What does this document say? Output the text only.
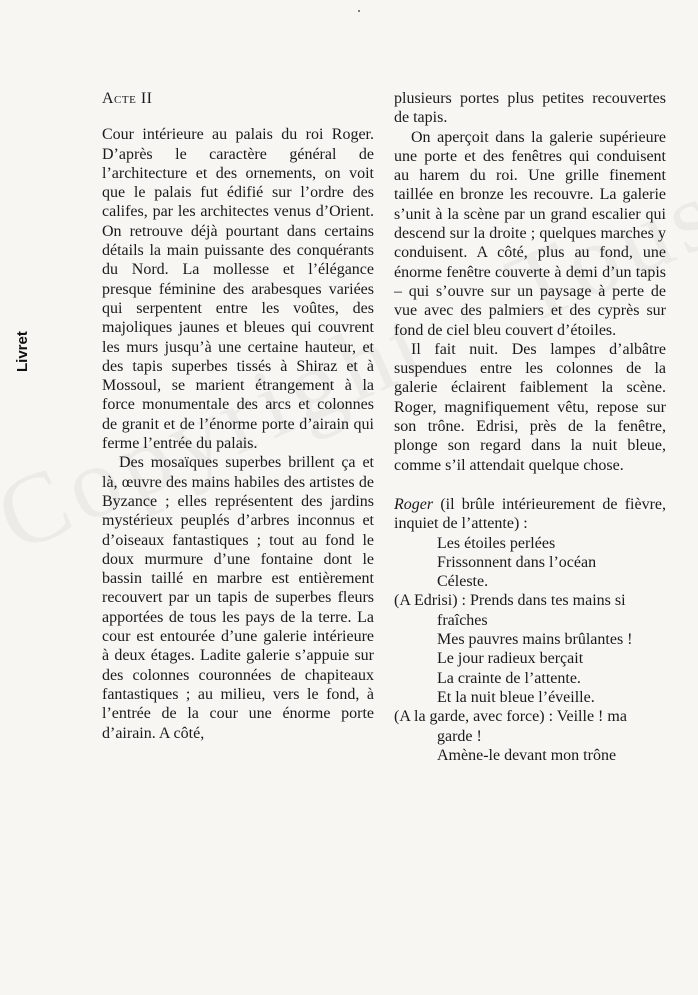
Livret

Acte II

Cour intérieure au palais du roi Roger. D’après le caractère général de l’architecture et des ornements, on voit que le palais fut édifié sur l’ordre des califes, par les architectes venus d’Orient. On retrouve déjà pourtant dans certains détails la main puissante des conquérants du Nord. La mollesse et l’élégance presque féminine des arabesques variées qui serpentent entre les voûtes, des majoliques jaunes et bleues qui couvrent les murs jusqu’à une certaine hauteur, et des tapis superbes tissés à Shiraz et à Mossoul, se marient étrangement à la force monumentale des arcs et colonnes de granit et de l’énorme porte d’airain qui ferme l’entrée du palais.

Des mosaïques superbes brillent ça et là, œuvre des mains habiles des artistes de Byzance ; elles représentent des jardins mystérieux peuplés d’arbres inconnus et d’oiseaux fantastiques ; tout au fond le doux murmure d’une fontaine dont le bassin taillé en marbre est entièrement recouvert par un tapis de superbes fleurs apportées de tous les pays de la terre. La cour est entourée d’une galerie intérieure à deux étages. Ladite galerie s’appuie sur des colonnes couronnées de chapiteaux fantastiques ; au milieu, vers le fond, à l’entrée de la cour une énorme porte d’airain. A côté,

plusieurs portes plus petites recouvertes de tapis.

On aperçoit dans la galerie supérieure une porte et des fenêtres qui conduisent au harem du roi. Une grille finement taillée en bronze les recouvre. La galerie s’unit à la scène par un grand escalier qui descend sur la droite ; quelques marches y conduisent. A côté, plus au fond, une énorme fenêtre couverte à demi d’un tapis – qui s’ouvre sur un paysage à perte de vue avec des palmiers et des cyprès sur fond de ciel bleu couvert d’étoiles.

Il fait nuit. Des lampes d’albâtre suspendues entre les colonnes de la galerie éclairent faiblement la scène. Roger, magnifiquement vêtu, repose sur son trône. Edrisi, près de la fenêtre, plonge son regard dans la nuit bleue, comme s’il attendait quelque chose.

Roger (il brûle intérieurement de fièvre, inquiet de l’attente) :

Les étoiles perlées

Frissonnent dans l’océan

Céleste.

(A Edrisi) : Prends dans tes mains si fraîches

Mes pauvres mains brûlantes !

Le jour radieux berçait

La crainte de l’attente.

Et la nuit bleue l’éveille.

(A la garde, avec force) : Veille ! ma garde !

Amène-le devant mon trône
